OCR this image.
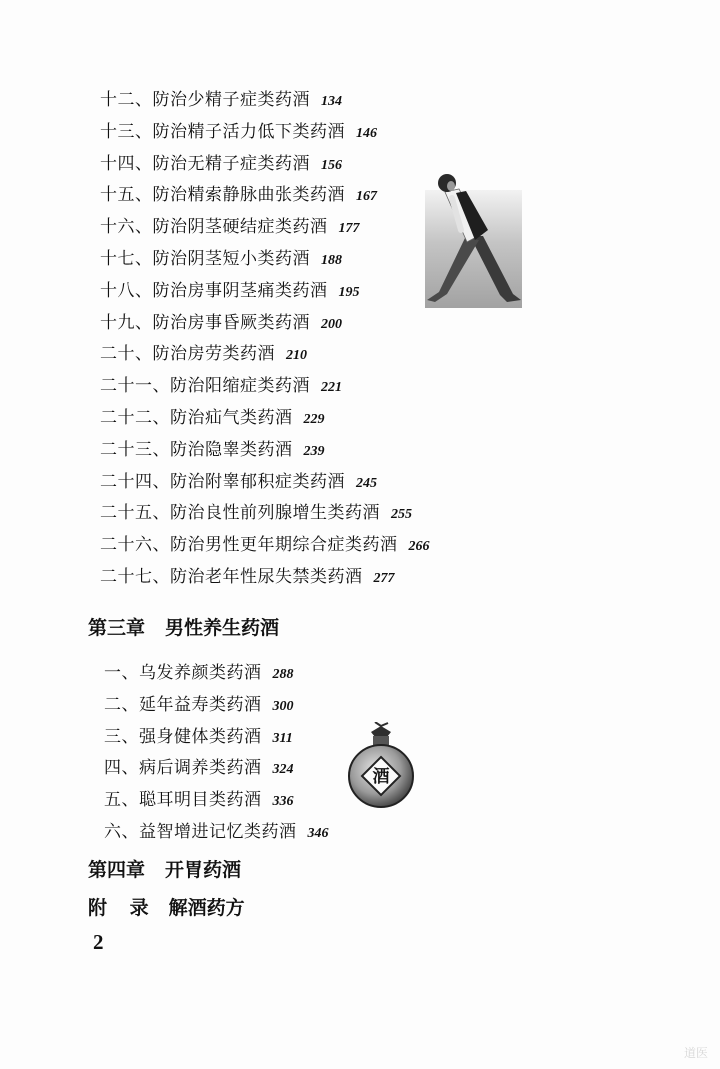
十二、防治少精子症类药酒 134
十三、防治精子活力低下类药酒 146
十四、防治无精子症类药酒 156
十五、防治精索静脉曲张类药酒 167
十六、防治阴茎硬结症类药酒 177
十七、防治阴茎短小类药酒 188
十八、防治房事阴茎痛类药酒 195
十九、防治房事昏厥类药酒 200
二十、防治房劳类药酒 210
二十一、防治阳缩症类药酒 221
二十二、防治疝气类药酒 229
二十三、防治隐睾类药酒 239
二十四、防治附睾郁积症类药酒 245
二十五、防治良性前列腺增生类药酒 255
二十六、防治男性更年期综合症类药酒 266
二十七、防治老年性尿失禁类药酒 277
第三章 男性养生药酒
一、乌发养颜类药酒 288
二、延年益寿类药酒 300
三、强身健体类药酒 311
四、病后调养类药酒 324
五、聪耳明目类药酒 336
六、益智增进记忆类药酒 346
酒
第四章 开胃药酒
附 录 解酒药方
2
道医
